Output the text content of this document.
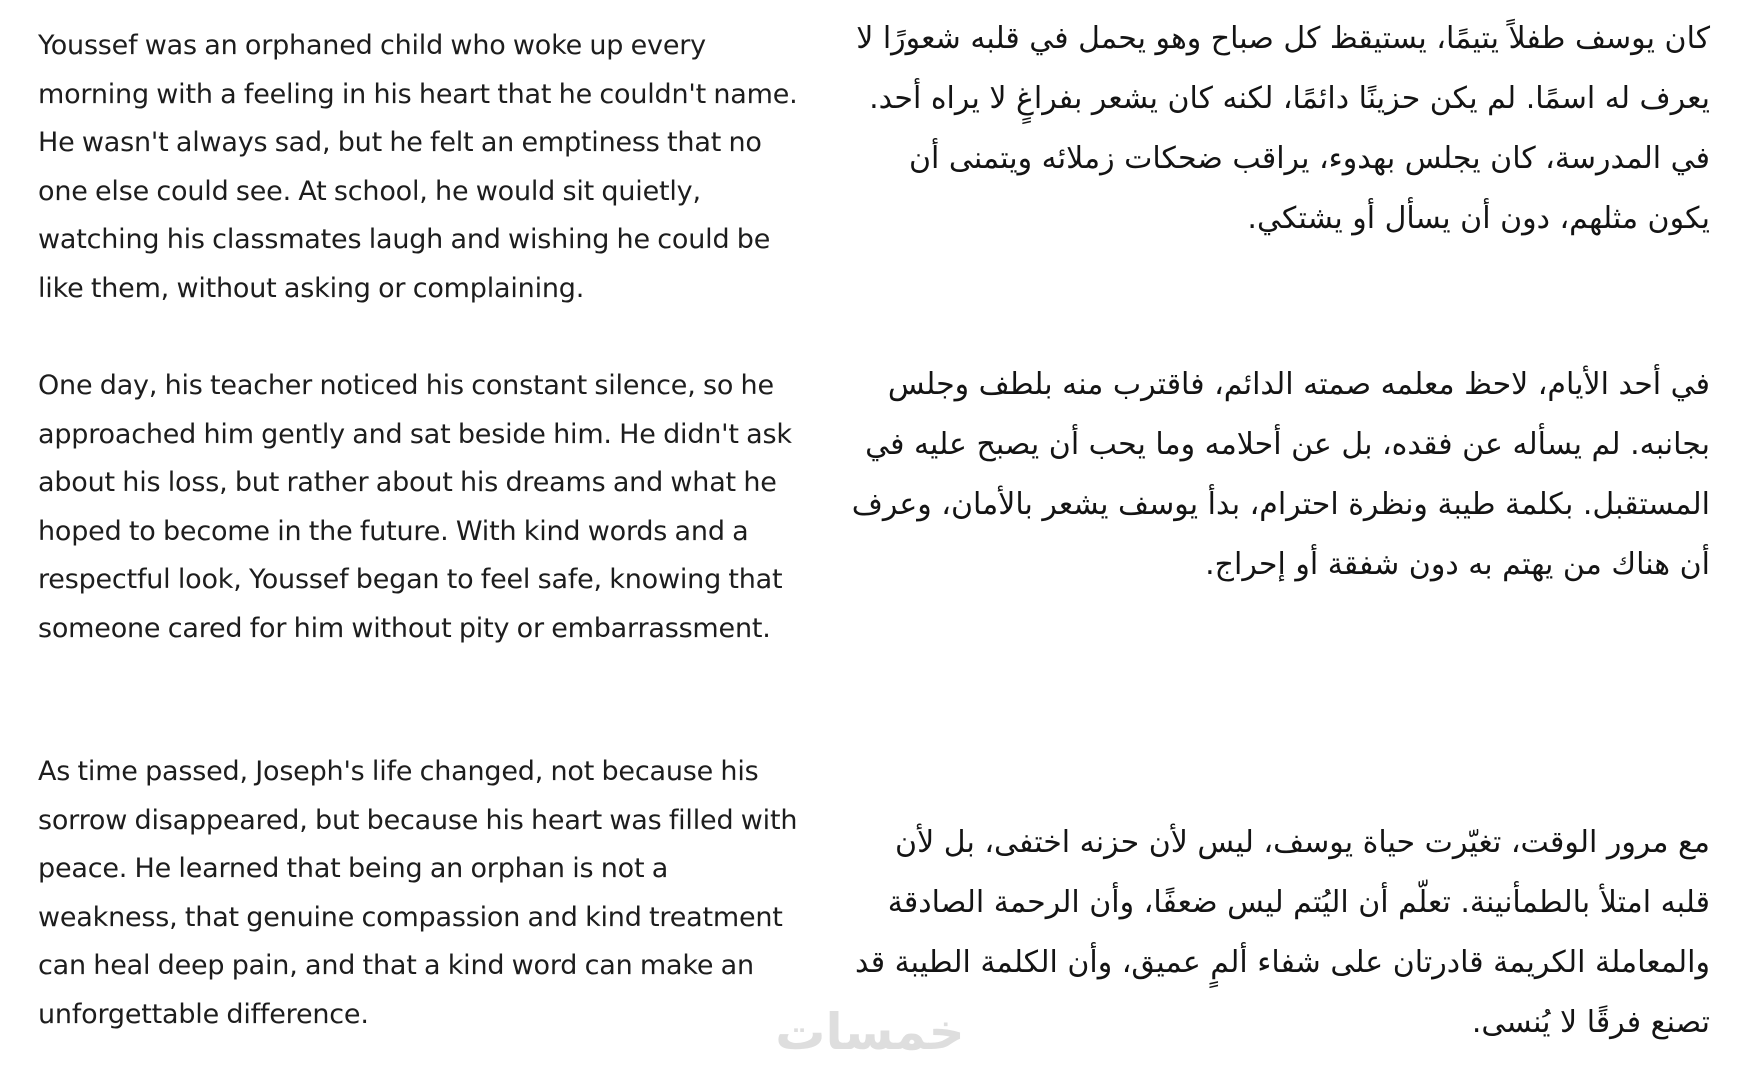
Youssef was an orphaned child who woke up every morning with a feeling in his heart that he couldn't name. He wasn't always sad, but he felt an emptiness that no one else could see. At school, he would sit quietly, watching his classmates laugh and wishing he could be like them, without asking or complaining.

One day, his teacher noticed his constant silence, so he approached him gently and sat beside him. He didn't ask about his loss, but rather about his dreams and what he hoped to become in the future. With kind words and a respectful look, Youssef began to feel safe, knowing that someone cared for him without pity or embarrassment.

As time passed, Joseph's life changed, not because his sorrow disappeared, but because his heart was filled with peace. He learned that being an orphan is not a weakness, that genuine compassion and kind treatment can heal deep pain, and that a kind word can make an unforgettable difference.

كان يوسف طفلاً يتيمًا، يستيقظ كل صباح وهو يحمل في قلبه شعورًا لا يعرف له اسمًا. لم يكن حزينًا دائمًا، لكنه كان يشعر بفراغٍ لا يراه أحد. في المدرسة، كان يجلس بهدوء، يراقب ضحكات زملائه ويتمنى أن يكون مثلهم، دون أن يسأل أو يشتكي.

في أحد الأيام، لاحظ معلمه صمته الدائم، فاقترب منه بلطف وجلس بجانبه. لم يسأله عن فقده، بل عن أحلامه وما يحب أن يصبح عليه في المستقبل. بكلمة طيبة ونظرة احترام، بدأ يوسف يشعر بالأمان، وعرف أن هناك من يهتم به دون شفقة أو إحراج.

مع مرور الوقت، تغيّرت حياة يوسف، ليس لأن حزنه اختفى، بل لأن قلبه امتلأ بالطمأنينة. تعلّم أن اليُتم ليس ضعفًا، وأن الرحمة الصادقة والمعاملة الكريمة قادرتان على شفاء ألمٍ عميق، وأن الكلمة الطيبة قد تصنع فرقًا لا يُنسى.

خمسات
